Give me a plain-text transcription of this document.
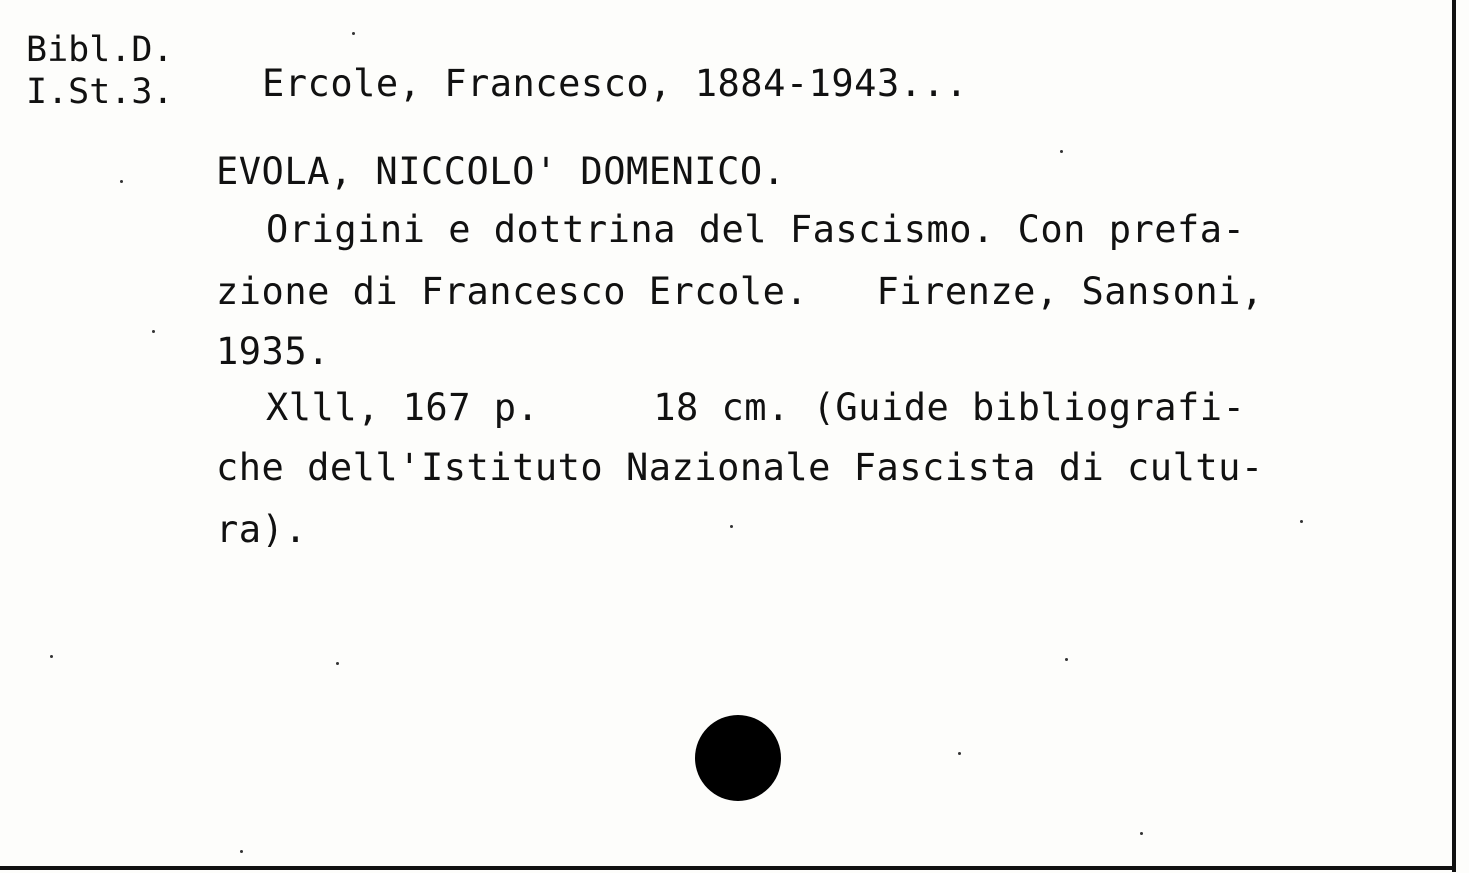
Bibl.D.

I.St.3. Ercole, Francesco, 1884-1943...

EVOLA, NICCOLO' DOMENICO.

Origini e dottrina del Fascismo. Con prefa-

zione di Francesco Ercole.   Firenze, Sansoni,

1935.

Xlll, 167 p.     18 cm. (Guide bibliografi-

che dell'Istituto Nazionale Fascista di cultu-

ra).
